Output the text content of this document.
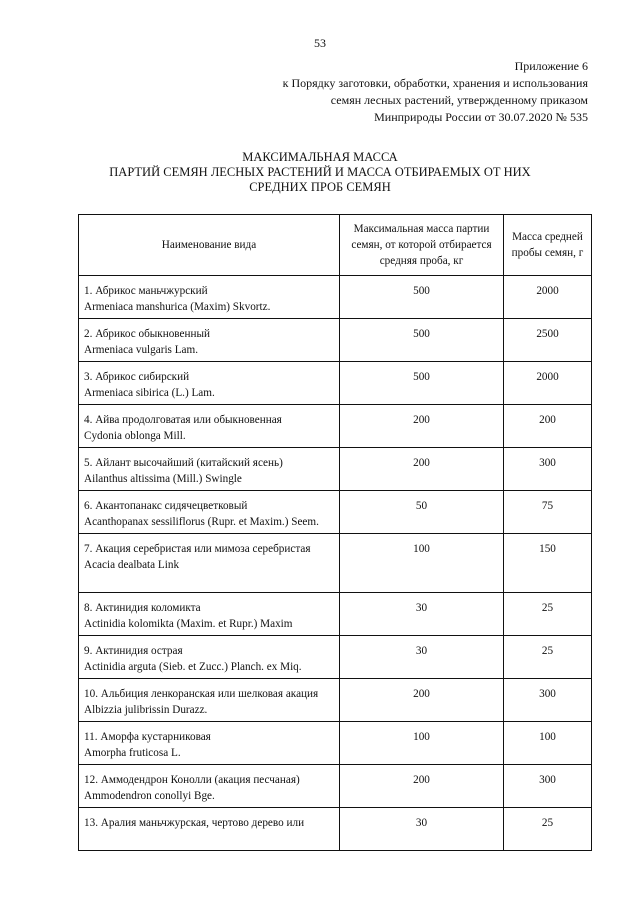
53
Приложение 6
к Порядку заготовки, обработки, хранения и использования
семян лесных растений, утвержденному приказом
Минприроды России от 30.07.2020 № 535
МАКСИМАЛЬНАЯ МАССА
ПАРТИЙ СЕМЯН ЛЕСНЫХ РАСТЕНИЙ И МАССА ОТБИРАЕМЫХ ОТ НИХ
СРЕДНИХ ПРОБ СЕМЯН
Наименование вида	Максимальная масса партии семян, от которой отбирается средняя проба, кг	Масса средней пробы семян, г
1. Абрикос маньчжурский
Armeniaca manshurica (Maxim) Skvortz.	500	2000
2. Абрикос обыкновенный
Armeniaca vulgaris Lam.	500	2500
3. Абрикос сибирский
Armeniaca sibirica (L.) Lam.	500	2000
4. Айва продолговатая или обыкновенная
Cydonia oblonga Mill.	200	200
5. Айлант высочайший (китайский ясень)
Ailanthus altissima (Mill.) Swingle	200	300
6. Акантопанакс сидячецветковый
Acanthopanax sessiliflorus (Rupr. et Maxim.) Seem.	50	75
7. Акация серебристая или мимоза серебристая
Acacia dealbata Link	100	150
8. Актинидия коломикта
Actinidia kolomikta (Maxim. et Rupr.) Maxim	30	25
9. Актинидия острая
Actinidia arguta (Sieb. et Zucc.) Planch. ex Miq.	30	25
10. Альбиция ленкоранская или шелковая акация
Albizzia julibrissin Durazz.	200	300
11. Аморфа кустарниковая
Amorpha fruticosa L.	100	100
12. Аммодендрон Конолли (акация песчаная)
Ammodendron conollyi Bge.	200	300
13. Аралия маньчжурская, чертово дерево или	30	25
